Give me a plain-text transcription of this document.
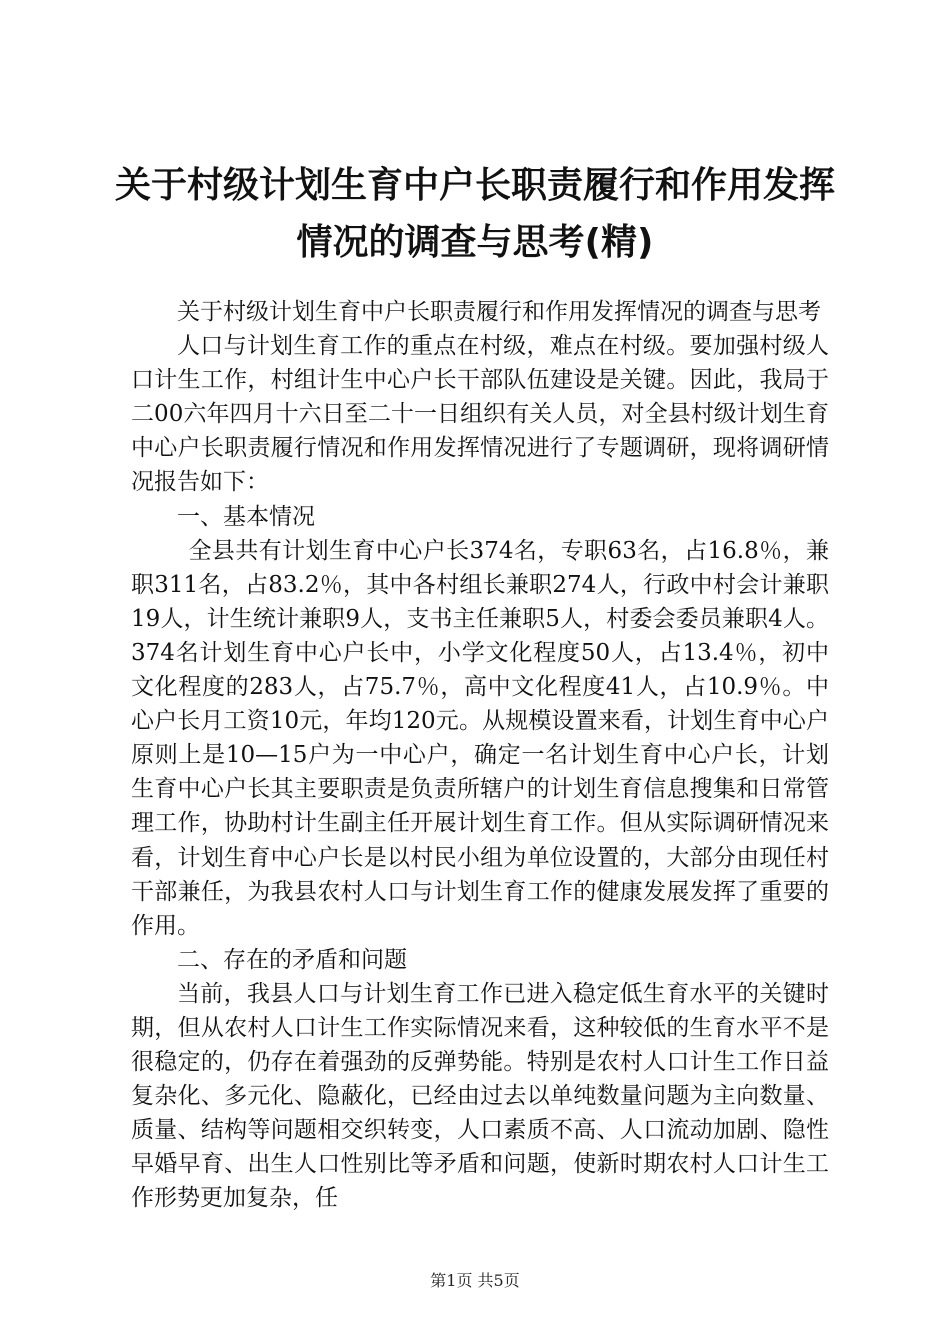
关于村级计划生育中户长职责履行和作用发挥
情况的调查与思考(精)

关于村级计划生育中户长职责履行和作用发挥情况的调查与思考

人口与计划生育工作的重点在村级，难点在村级。要加强村级人口计生工作，村组计生中心户长干部队伍建设是关键。因此，我局于二00六年四月十六日至二十一日组织有关人员，对全县村级计划生育中心户长职责履行情况和作用发挥情况进行了专题调研，现将调研情况报告如下：

一、基本情况

全县共有计划生育中心户长374名，专职63名，占16.8％，兼职311名，占83.2％，其中各村组长兼职274人，行政中村会计兼职19人，计生统计兼职9人，支书主任兼职5人，村委会委员兼职4人。374名计划生育中心户长中，小学文化程度50人，占13.4％，初中文化程度的283人，占75.7％，高中文化程度41人，占10.9％。中心户长月工资10元，年均120元。从规模设置来看，计划生育中心户原则上是10—15户为一中心户，确定一名计划生育中心户长，计划生育中心户长其主要职责是负责所辖户的计划生育信息搜集和日常管理工作，协助村计生副主任开展计划生育工作。但从实际调研情况来看，计划生育中心户长是以村民小组为单位设置的，大部分由现任村干部兼任，为我县农村人口与计划生育工作的健康发展发挥了重要的作用。

二、存在的矛盾和问题

当前，我县人口与计划生育工作已进入稳定低生育水平的关键时期，但从农村人口计生工作实际情况来看，这种较低的生育水平不是很稳定的，仍存在着强劲的反弹势能。特别是农村人口计生工作日益复杂化、多元化、隐蔽化，已经由过去以单纯数量问题为主向数量、质量、结构等问题相交织转变，人口素质不高、人口流动加剧、隐性早婚早育、出生人口性别比等矛盾和问题，使新时期农村人口计生工作形势更加复杂，任

第1页 共5页
